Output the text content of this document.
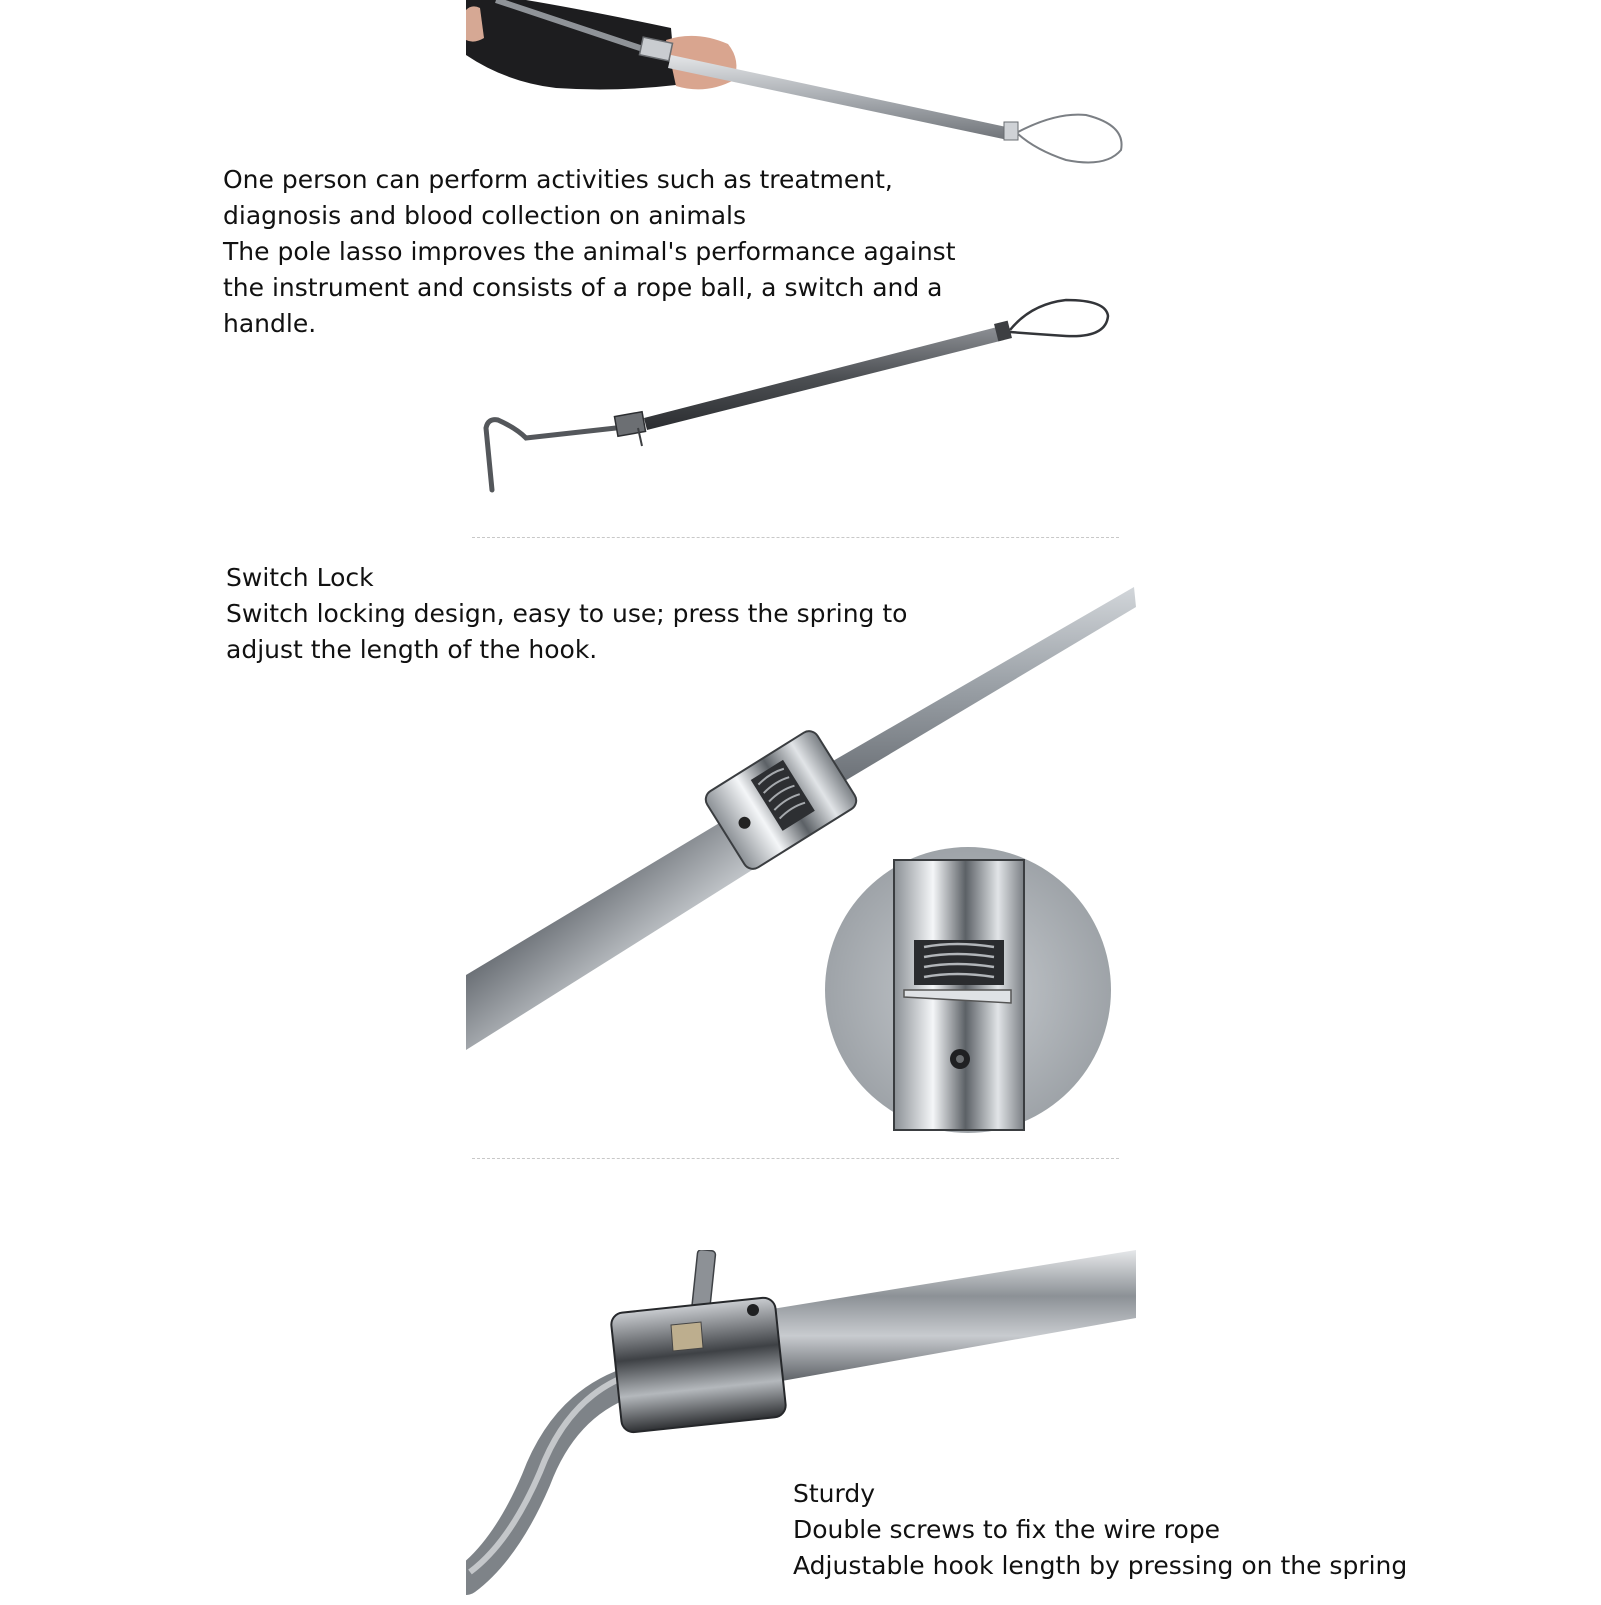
One person can perform activities such as treatment,
diagnosis and blood collection on animals
The pole lasso improves the animal's performance against
the instrument and consists of a rope ball, a switch and a
handle.
Switch Lock
Switch locking design, easy to use; press the spring to
adjust the length of the hook.
Sturdy
Double screws to fix the wire rope
Adjustable hook length by pressing on the spring
